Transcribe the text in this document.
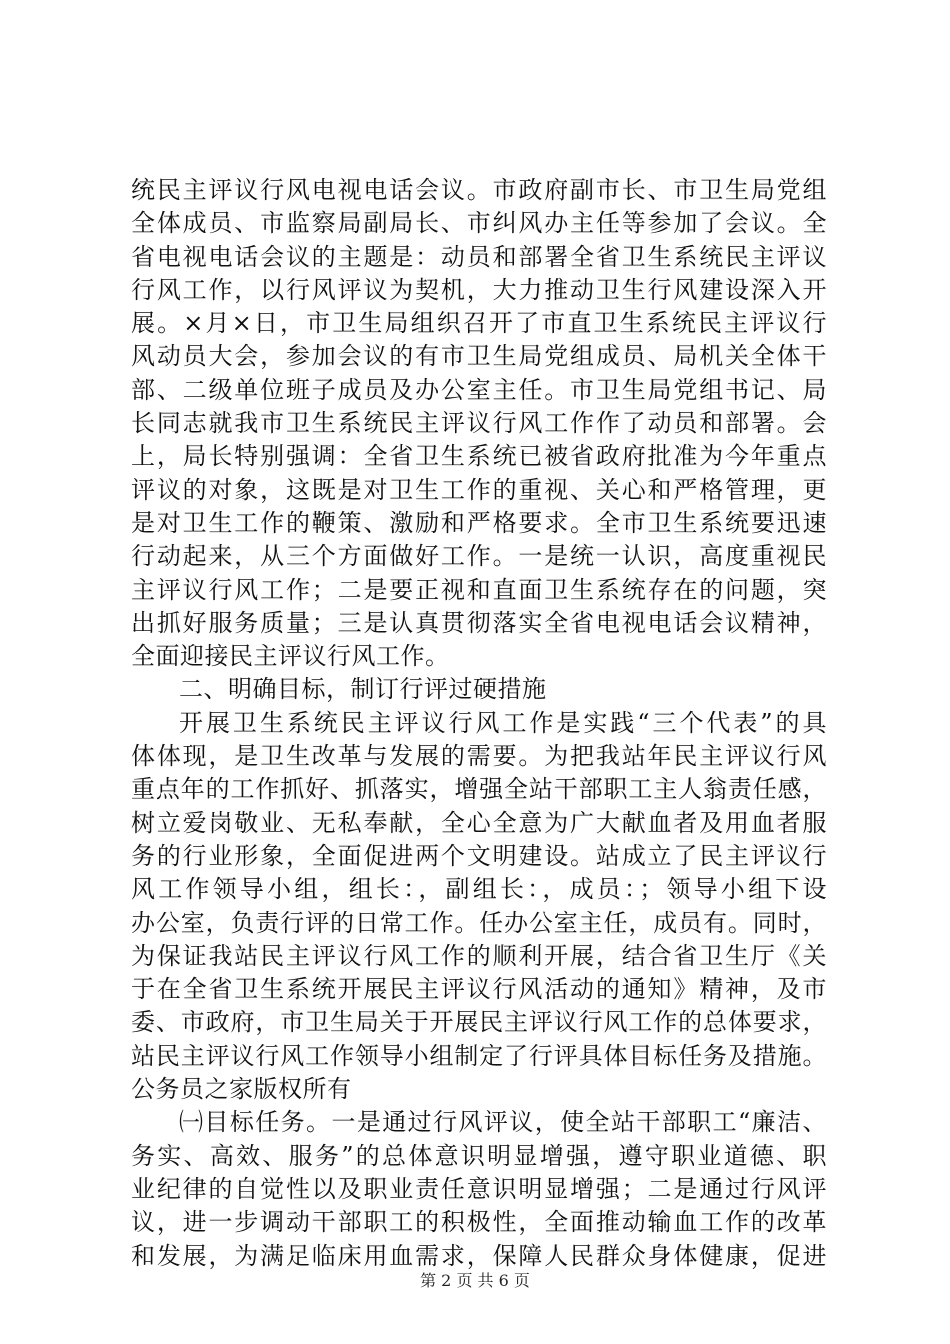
统民主评议行风电视电话会议。市政府副市长、市卫生局党组
全体成员、市监察局副局长、市纠风办主任等参加了会议。全
省电视电话会议的主题是：动员和部署全省卫生系统民主评议
行风工作，以行风评议为契机，大力推动卫生行风建设深入开
展。×月×日，市卫生局组织召开了市直卫生系统民主评议行
风动员大会，参加会议的有市卫生局党组成员、局机关全体干
部、二级单位班子成员及办公室主任。市卫生局党组书记、局
长同志就我市卫生系统民主评议行风工作作了动员和部署。会
上，局长特别强调：全省卫生系统已被省政府批准为今年重点
评议的对象，这既是对卫生工作的重视、关心和严格管理，更
是对卫生工作的鞭策、激励和严格要求。全市卫生系统要迅速
行动起来，从三个方面做好工作。一是统一认识，高度重视民
主评议行风工作；二是要正视和直面卫生系统存在的问题，突
出抓好服务质量；三是认真贯彻落实全省电视电话会议精神，
全面迎接民主评议行风工作。
二、明确目标，制订行评过硬措施
开展卫生系统民主评议行风工作是实践“三个代表”的具
体体现，是卫生改革与发展的需要。为把我站年民主评议行风
重点年的工作抓好、抓落实，增强全站干部职工主人翁责任感，
树立爱岗敬业、无私奉献，全心全意为广大献血者及用血者服
务的行业形象，全面促进两个文明建设。站成立了民主评议行
风工作领导小组，组长：，副组长：，成员：；领导小组下设
办公室，负责行评的日常工作。任办公室主任，成员有。同时，
为保证我站民主评议行风工作的顺利开展，结合省卫生厅《关
于在全省卫生系统开展民主评议行风活动的通知》精神，及市
委、市政府，市卫生局关于开展民主评议行风工作的总体要求，
站民主评议行风工作领导小组制定了行评具体目标任务及措施。
公务员之家版权所有
㈠目标任务。一是通过行风评议，使全站干部职工“廉洁、
务实、高效、服务”的总体意识明显增强，遵守职业道德、职
业纪律的自觉性以及职业责任意识明显增强；二是通过行风评
议，进一步调动干部职工的积极性，全面推动输血工作的改革
和发展，为满足临床用血需求，保障人民群众身体健康，促进
第 2 页 共 6 页
